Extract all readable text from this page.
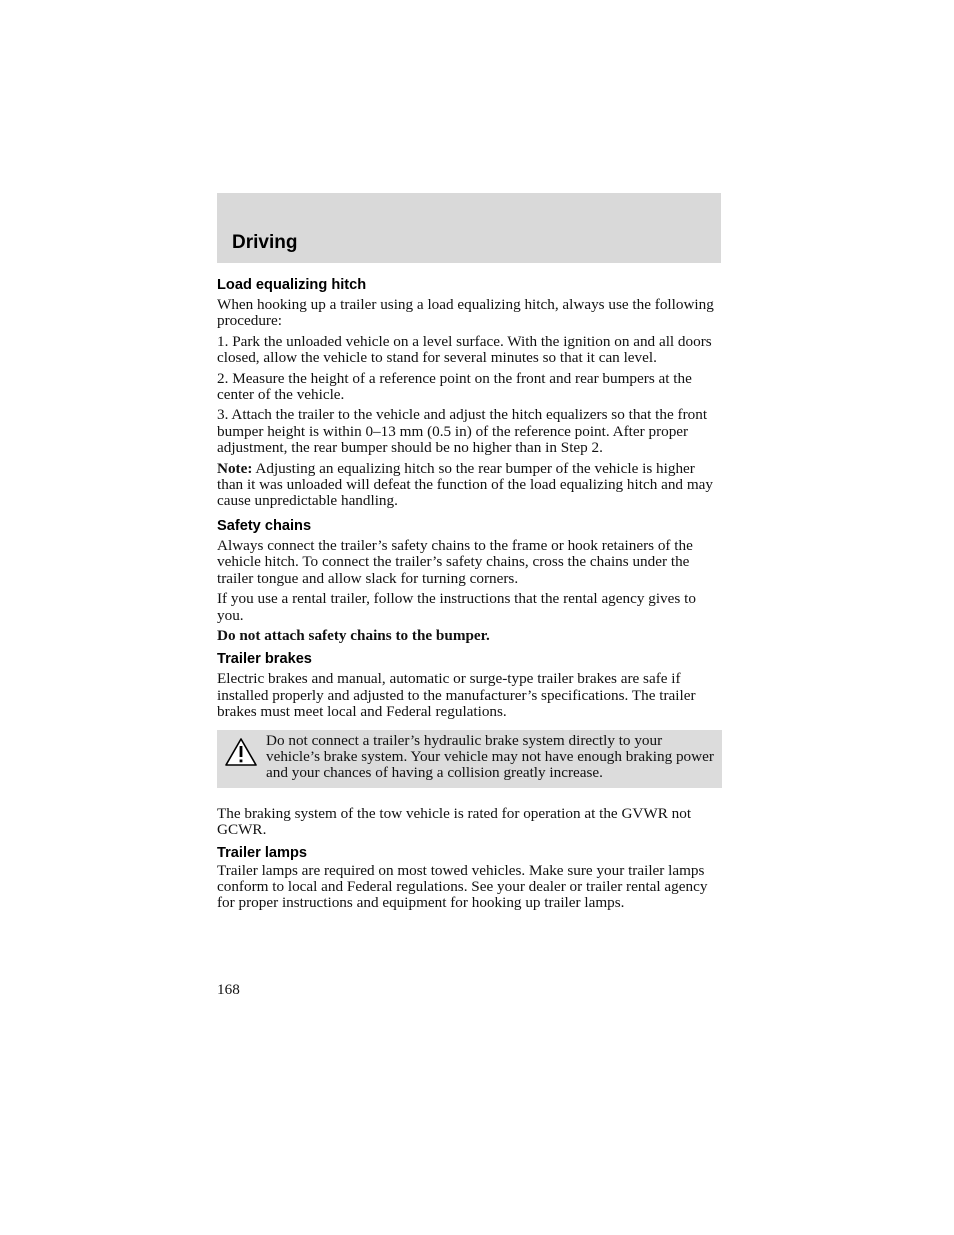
Driving
Load equalizing hitch

When hooking up a trailer using a load equalizing hitch, always use the following procedure:

1. Park the unloaded vehicle on a level surface. With the ignition on and all doors closed, allow the vehicle to stand for several minutes so that it can level.

2. Measure the height of a reference point on the front and rear bumpers at the center of the vehicle.

3. Attach the trailer to the vehicle and adjust the hitch equalizers so that the front bumper height is within 0–13 mm (0.5 in) of the reference point. After proper adjustment, the rear bumper should be no higher than in Step 2.

Note: Adjusting an equalizing hitch so the rear bumper of the vehicle is higher than it was unloaded will defeat the function of the load equalizing hitch and may cause unpredictable handling.

Safety chains

Always connect the trailer’s safety chains to the frame or hook retainers of the vehicle hitch. To connect the trailer’s safety chains, cross the chains under the trailer tongue and allow slack for turning corners.

If you use a rental trailer, follow the instructions that the rental agency gives to you.

Do not attach safety chains to the bumper.

Trailer brakes

Electric brakes and manual, automatic or surge-type trailer brakes are safe if installed properly and adjusted to the manufacturer’s specifications. The trailer brakes must meet local and Federal regulations.

Do not connect a trailer’s hydraulic brake system directly to your vehicle’s brake system. Your vehicle may not have enough braking power and your chances of having a collision greatly increase.

The braking system of the tow vehicle is rated for operation at the GVWR not GCWR.

Trailer lamps

Trailer lamps are required on most towed vehicles. Make sure your trailer lamps conform to local and Federal regulations. See your dealer or trailer rental agency for proper instructions and equipment for hooking up trailer lamps.

168
